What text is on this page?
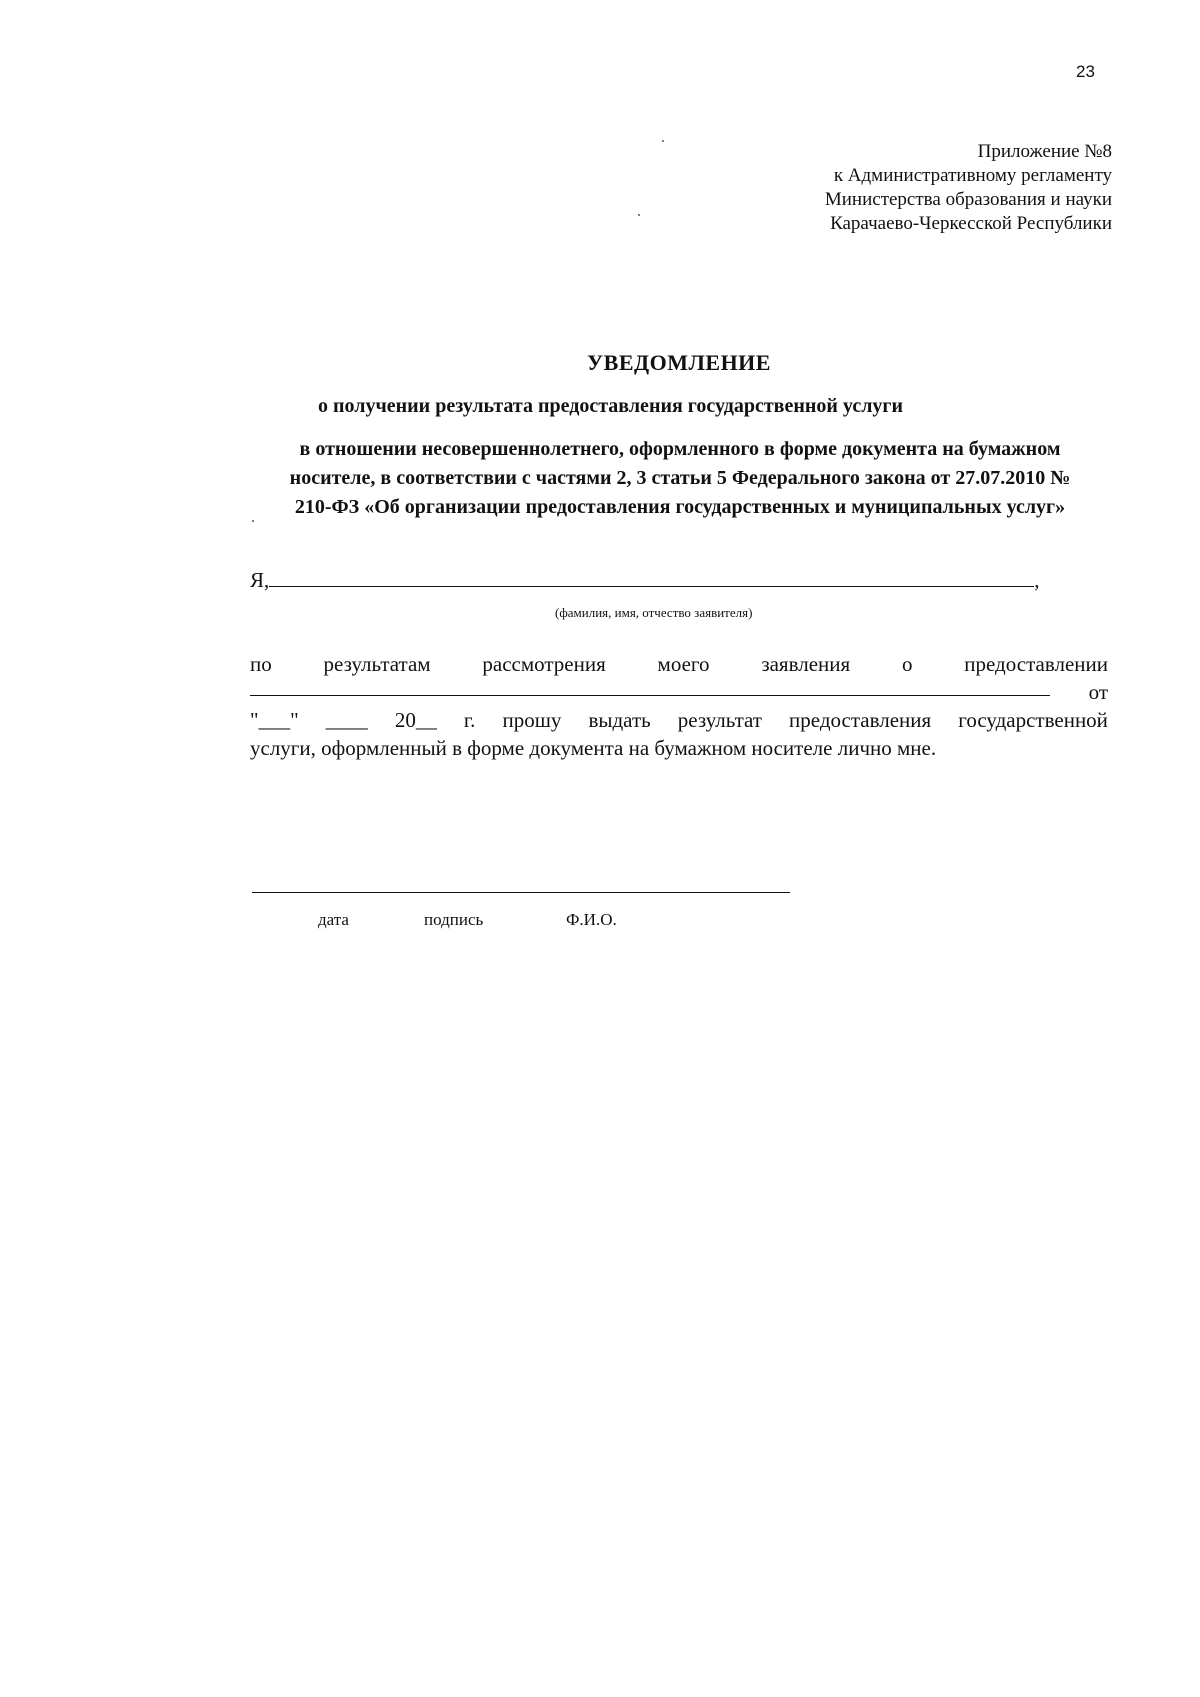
23
Приложение №8
к Административному регламенту
Министерства образования и науки
Карачаево-Черкесской Республики
УВЕДОМЛЕНИЕ
о получении результата предоставления государственной услуги
в отношении несовершеннолетнего, оформленного в форме документа на бумажном носителе, в соответствии с частями 2, 3 статьи 5 Федерального закона от 27.07.2010 № 210-ФЗ «Об организации предоставления государственных и муниципальных услуг»
Я,	,
(фамилия, имя, отчество заявителя)
по результатам рассмотрения моего заявления о предоставлении
от
"___" ____ 20__ г. прошу выдать результат предоставления государственной
услуги, оформленный в форме документа на бумажном носителе лично мне.
дата	подпись	Ф.И.О.
